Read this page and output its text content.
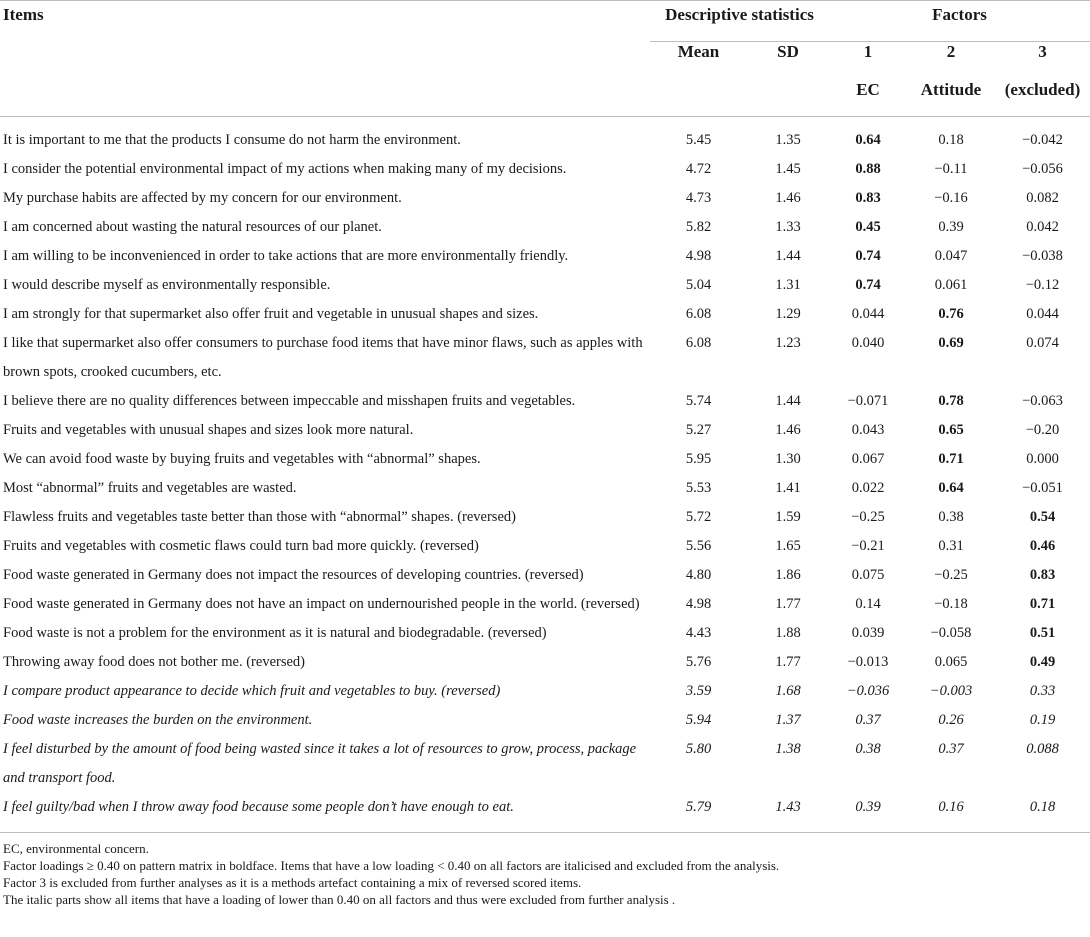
Items	Descriptive statistics		Factors		
	Mean	SD	1	2	3
			EC	Attitude	(excluded)
It is important to me that the products I consume do not harm the environment.	5.45	1.35	0.64	0.18	−0.042
I consider the potential environmental impact of my actions when making many of my decisions.	4.72	1.45	0.88	−0.11	−0.056
My purchase habits are affected by my concern for our environment.	4.73	1.46	0.83	−0.16	0.082
I am concerned about wasting the natural resources of our planet.	5.82	1.33	0.45	0.39	0.042
I am willing to be inconvenienced in order to take actions that are more environmentally friendly.	4.98	1.44	0.74	0.047	−0.038
I would describe myself as environmentally responsible.	5.04	1.31	0.74	0.061	−0.12
I am strongly for that supermarket also offer fruit and vegetable in unusual shapes and sizes.	6.08	1.29	0.044	0.76	0.044
I like that supermarket also offer consumers to purchase food items that have minor flaws, such as apples with brown spots, crooked cucumbers, etc.	6.08	1.23	0.040	0.69	0.074
I believe there are no quality differences between impeccable and misshapen fruits and vegetables.	5.74	1.44	−0.071	0.78	−0.063
Fruits and vegetables with unusual shapes and sizes look more natural.	5.27	1.46	0.043	0.65	−0.20
We can avoid food waste by buying fruits and vegetables with “abnormal” shapes.	5.95	1.30	0.067	0.71	0.000
Most “abnormal” fruits and vegetables are wasted.	5.53	1.41	0.022	0.64	−0.051
Flawless fruits and vegetables taste better than those with “abnormal” shapes. (reversed)	5.72	1.59	−0.25	0.38	0.54
Fruits and vegetables with cosmetic flaws could turn bad more quickly. (reversed)	5.56	1.65	−0.21	0.31	0.46
Food waste generated in Germany does not impact the resources of developing countries. (reversed)	4.80	1.86	0.075	−0.25	0.83
Food waste generated in Germany does not have an impact on undernourished people in the world. (reversed)	4.98	1.77	0.14	−0.18	0.71
Food waste is not a problem for the environment as it is natural and biodegradable. (reversed)	4.43	1.88	0.039	−0.058	0.51
Throwing away food does not bother me. (reversed)	5.76	1.77	−0.013	0.065	0.49
I compare product appearance to decide which fruit and vegetables to buy. (reversed)	3.59	1.68	−0.036	−0.003	0.33
Food waste increases the burden on the environment.	5.94	1.37	0.37	0.26	0.19
I feel disturbed by the amount of food being wasted since it takes a lot of resources to grow, process, package and transport food.	5.80	1.38	0.38	0.37	0.088
I feel guilty/bad when I throw away food because some people don’t have enough to eat.	5.79	1.43	0.39	0.16	0.18
EC, environmental concern.
Factor loadings ≥ 0.40 on pattern matrix in boldface. Items that have a low loading < 0.40 on all factors are italicised and excluded from the analysis.
Factor 3 is excluded from further analyses as it is a methods artefact containing a mix of reversed scored items.
The italic parts show all items that have a loading of lower than 0.40 on all factors and thus were excluded from further analysis .
